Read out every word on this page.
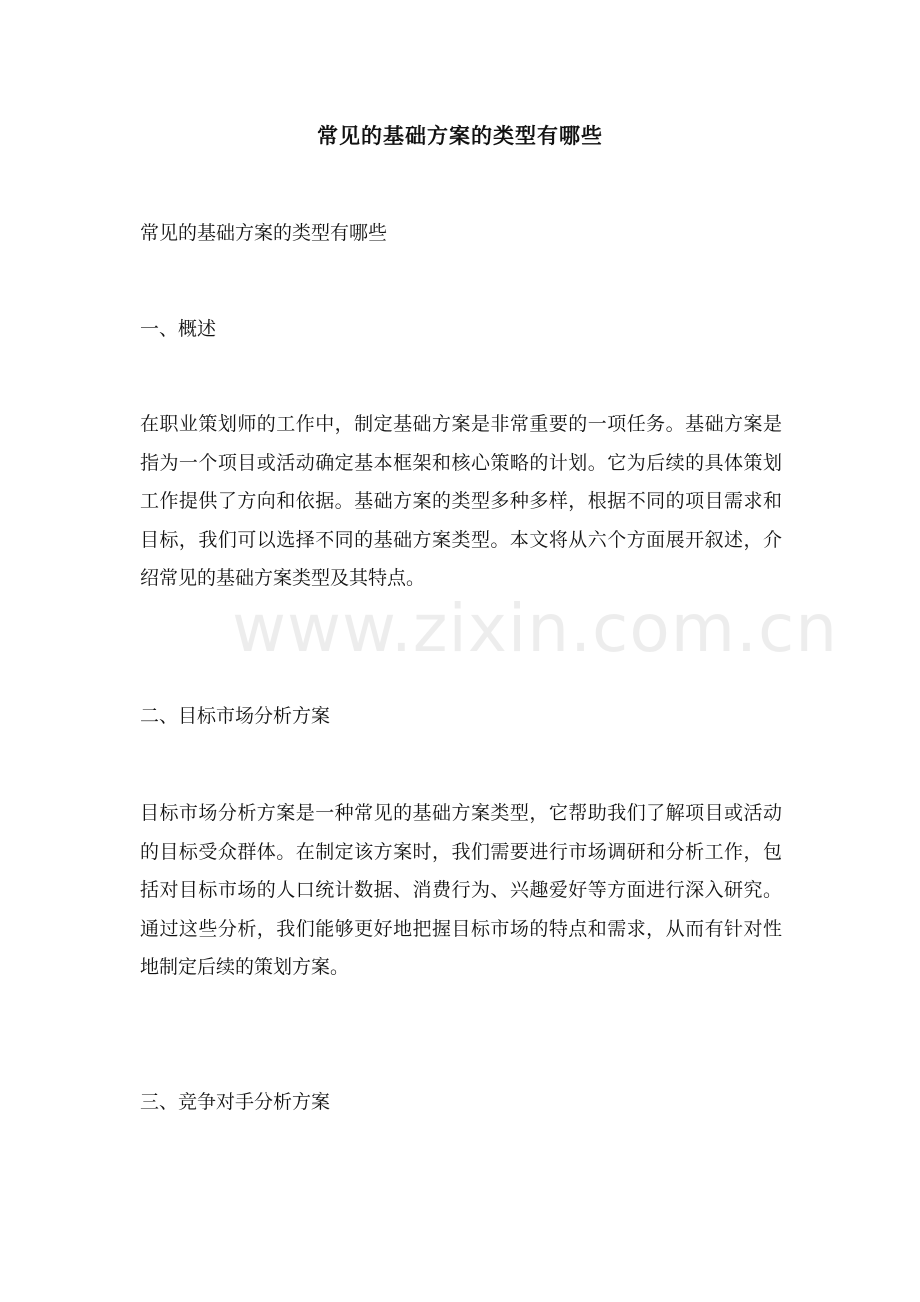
常见的基础方案的类型有哪些
常见的基础方案的类型有哪些
一、概述
在职业策划师的工作中，制定基础方案是非常重要的一项任务。基础方案是指为一个项目或活动确定基本框架和核心策略的计划。它为后续的具体策划工作提供了方向和依据。基础方案的类型多种多样，根据不同的项目需求和目标，我们可以选择不同的基础方案类型。本文将从六个方面展开叙述，介绍常见的基础方案类型及其特点。
二、目标市场分析方案
目标市场分析方案是一种常见的基础方案类型，它帮助我们了解项目或活动的目标受众群体。在制定该方案时，我们需要进行市场调研和分析工作，包括对目标市场的人口统计数据、消费行为、兴趣爱好等方面进行深入研究。通过这些分析，我们能够更好地把握目标市场的特点和需求，从而有针对性地制定后续的策划方案。
三、竞争对手分析方案
www.zixin.com.cn
